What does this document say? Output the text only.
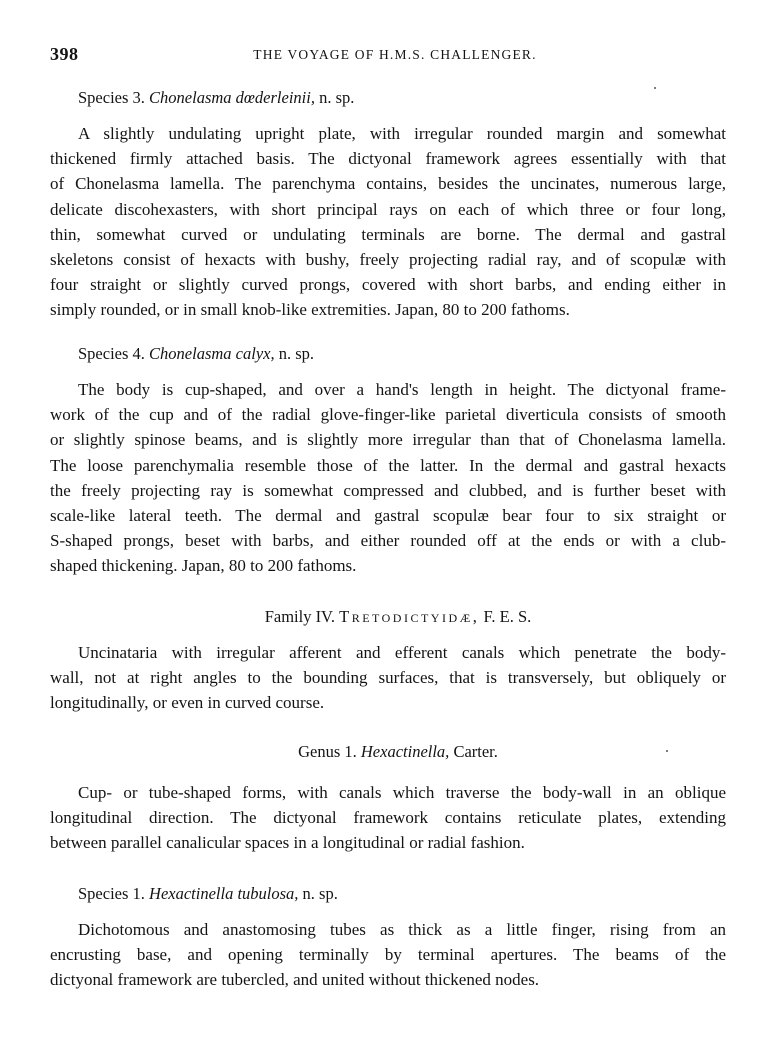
398	THE VOYAGE OF H.M.S. CHALLENGER.
Species 3. Chonelasma dœderleinii, n. sp.
A slightly undulating upright plate, with irregular rounded margin and somewhat
thickened firmly attached basis. The dictyonal framework agrees essentially with that
of Chonelasma lamella. The parenchyma contains, besides the uncinates, numerous large,
delicate discohexasters, with short principal rays on each of which three or four long,
thin, somewhat curved or undulating terminals are borne. The dermal and gastral
skeletons consist of hexacts with bushy, freely projecting radial ray, and of scopulæ with
four straight or slightly curved prongs, covered with short barbs, and ending either in
simply rounded, or in small knob-like extremities. Japan, 80 to 200 fathoms.
Species 4. Chonelasma calyx, n. sp.
The body is cup-shaped, and over a hand's length in height. The dictyonal frame-
work of the cup and of the radial glove-finger-like parietal diverticula consists of smooth
or slightly spinose beams, and is slightly more irregular than that of Chonelasma lamella.
The loose parenchymalia resemble those of the latter. In the dermal and gastral hexacts
the freely projecting ray is somewhat compressed and clubbed, and is further beset with
scale-like lateral teeth. The dermal and gastral scopulæ bear four to six straight or
S-shaped prongs, beset with barbs, and either rounded off at the ends or with a club-
shaped thickening. Japan, 80 to 200 fathoms.
Family IV. Tretodictyidæ, F. E. S.
Uncinataria with irregular afferent and efferent canals which penetrate the body-
wall, not at right angles to the bounding surfaces, that is transversely, but obliquely or
longitudinally, or even in curved course.
Genus 1. Hexactinella, Carter.
Cup- or tube-shaped forms, with canals which traverse the body-wall in an oblique
longitudinal direction. The dictyonal framework contains reticulate plates, extending
between parallel canalicular spaces in a longitudinal or radial fashion.
Species 1. Hexactinella tubulosa, n. sp.
Dichotomous and anastomosing tubes as thick as a little finger, rising from an
encrusting base, and opening terminally by terminal apertures. The beams of the
dictyonal framework are tubercled, and united without thickened nodes.
